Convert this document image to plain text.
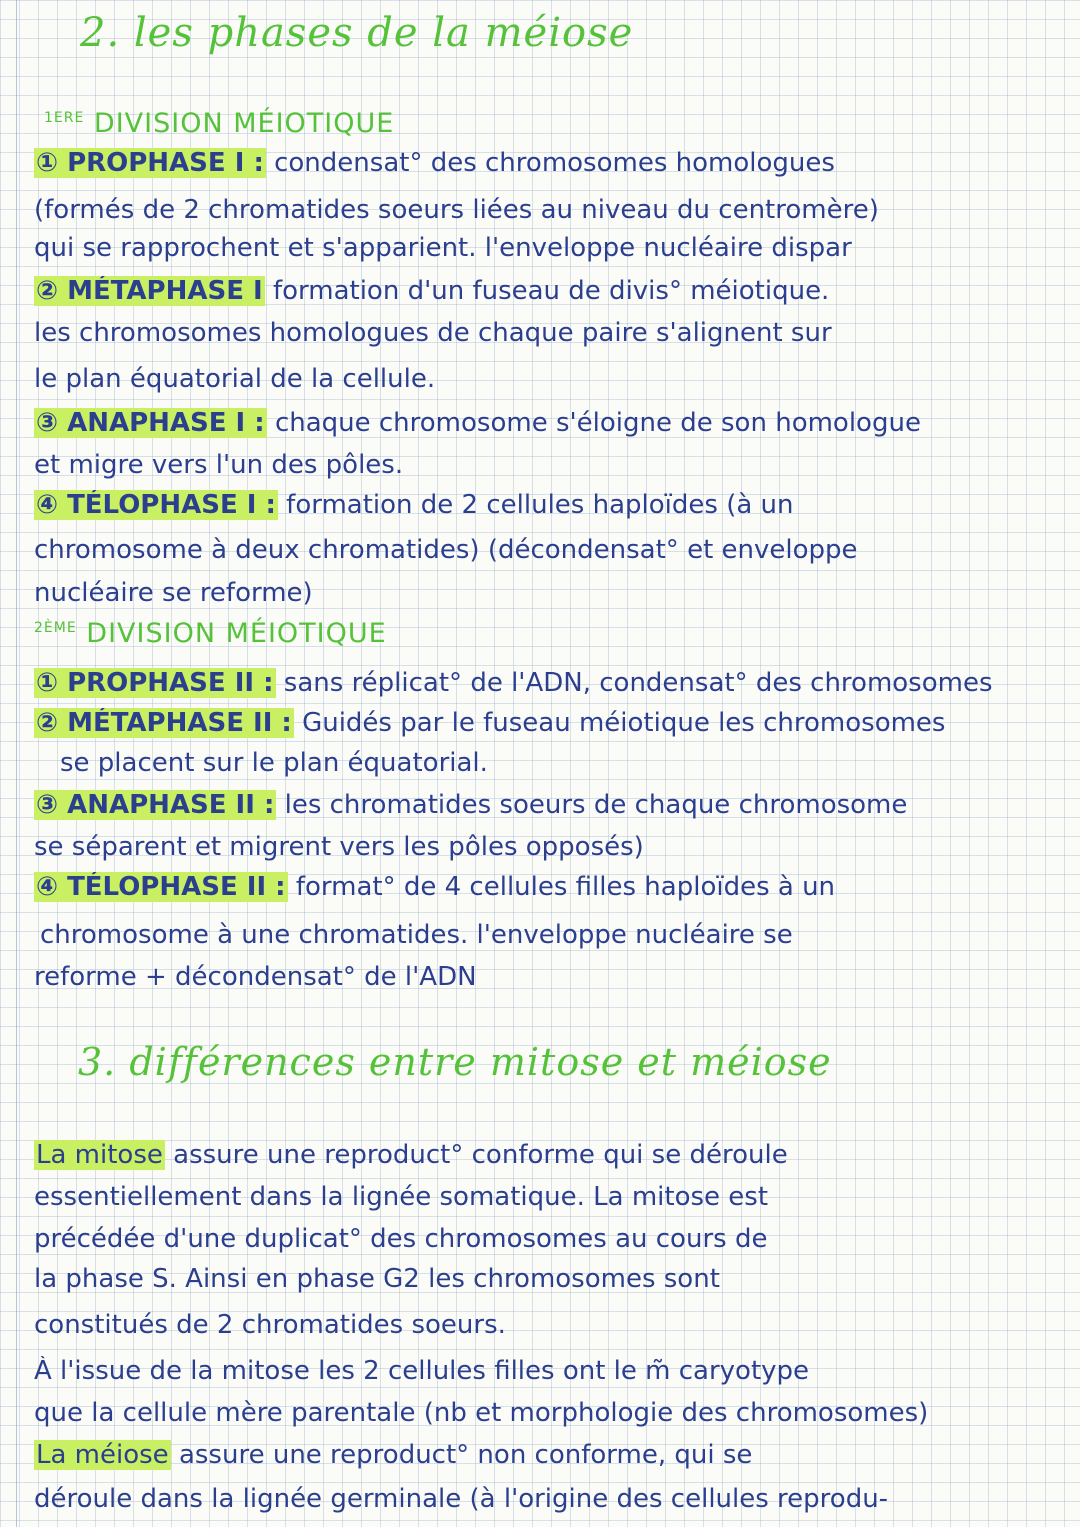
2. les phases de la méiose
$^{1ERE}$ DIVISION MÉIOTIQUE
① PROPHASE I : condensat° des chromosomes homologues
(formés de 2 chromatides soeurs liées au niveau du centromère)
qui se rapprochent et s'apparient. l'enveloppe nucléaire dispar
② MÉTAPHASE I formation d'un fuseau de divis° méiotique.
les chromosomes homologues de chaque paire s'alignent sur
le plan équatorial de la cellule.
③ ANAPHASE I : chaque chromosome s'éloigne de son homologue
et migre vers l'un des pôles.
④ TÉLOPHASE I : formation de 2 cellules haploïdes (à un
chromosome à deux chromatides) (décondensat° et enveloppe
nucléaire se reforme)
$^{2ÈME}$ DIVISION MÉIOTIQUE
① PROPHASE II : sans réplicat° de l'ADN, condensat° des chromosomes
② MÉTAPHASE II : Guidés par le fuseau méiotique les chromosomes
se placent sur le plan équatorial.
③ ANAPHASE II : les chromatides soeurs de chaque chromosome
se séparent et migrent vers les pôles opposés)
④ TÉLOPHASE II : format° de 4 cellules filles haploïdes à un
chromosome à une chromatides. l'enveloppe nucléaire se
reforme + décondensat° de l'ADN
3. différences entre mitose et méiose
La mitose assure une reproduct° conforme qui se déroule
essentiellement dans la lignée somatique. La mitose est
précédée d'une duplicat° des chromosomes au cours de
la phase S. Ainsi en phase G2 les chromosomes sont
constitués de 2 chromatides soeurs.
À l'issue de la mitose les 2 cellules filles ont le m̃ caryotype
que la cellule mère parentale (nb et morphologie des chromosomes)
La méiose assure une reproduct° non conforme, qui se
déroule dans la lignée germinale (à l'origine des cellules reprodu-
